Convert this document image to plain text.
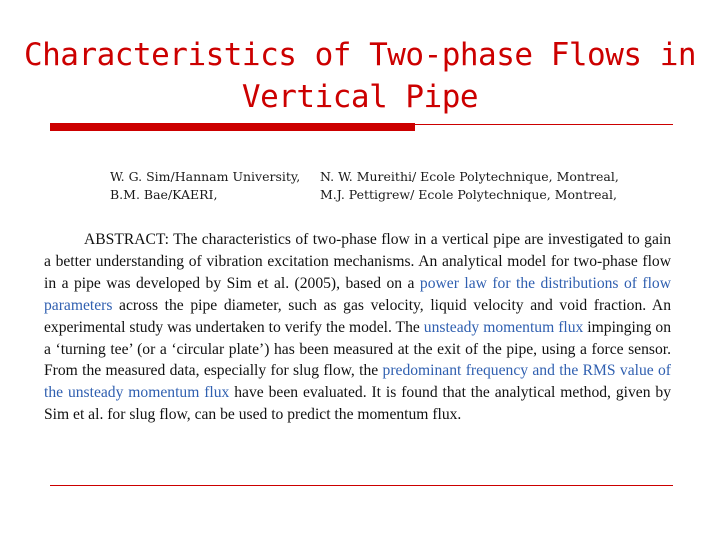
Characteristics of Two-phase Flows in
Vertical Pipe
W. G. Sim/Hannam University,
B.M. Bae/KAERI,
N. W. Mureithi/ Ecole Polytechnique, Montreal,
M.J. Pettigrew/ Ecole Polytechnique, Montreal,

ABSTRACT: The characteristics of two-phase flow in a vertical pipe are investigated to gain a better understanding of vibration excitation mechanisms. An analytical model for two-phase flow in a pipe was developed by Sim et al. (2005), based on a power law for the distributions of flow parameters across the pipe diameter, such as gas velocity, liquid velocity and void fraction. An experimental study was undertaken to verify the model. The unsteady momentum flux impinging on a ‘turning tee’ (or a ‘circular plate’) has been measured at the exit of the pipe, using a force sensor. From the measured data, especially for slug flow, the predominant frequency and the RMS value of the unsteady momentum flux have been evaluated. It is found that the analytical method, given by Sim et al. for slug flow, can be used to predict the momentum flux.
